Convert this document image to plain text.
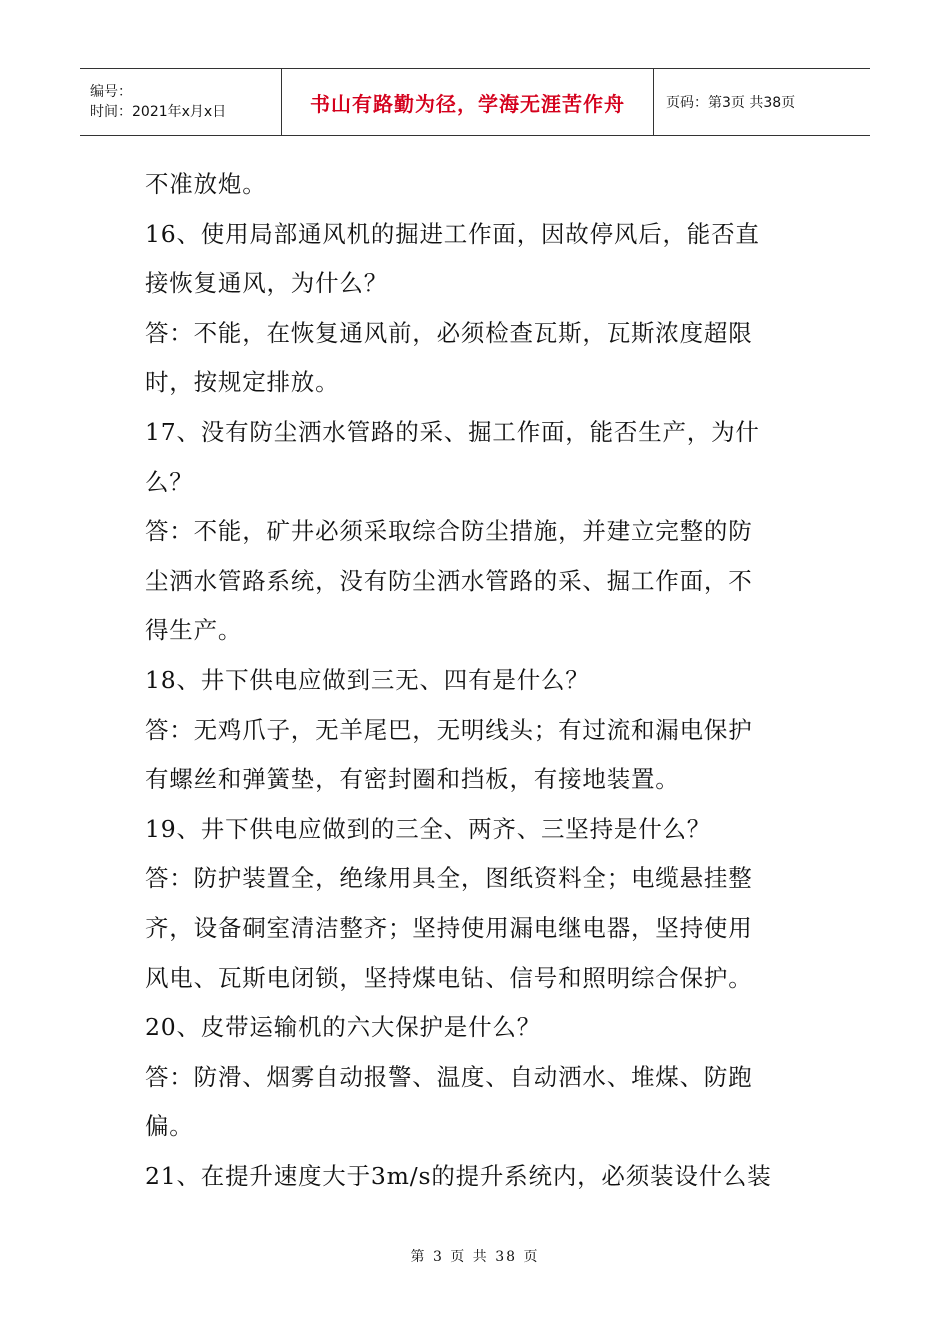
编号：
时间：2021年x月x日	书山有路勤为径，学海无涯苦作舟	页码：第3页 共38页

不准放炮。

16、使用局部通风机的掘进工作面，因故停风后，能否直

接恢复通风，为什么？

答：不能，在恢复通风前，必须检查瓦斯，瓦斯浓度超限

时，按规定排放。

17、没有防尘洒水管路的采、掘工作面，能否生产，为什

么？

答：不能，矿井必须采取综合防尘措施，并建立完整的防

尘洒水管路系统，没有防尘洒水管路的采、掘工作面，不

得生产。

18、井下供电应做到三无、四有是什么？

答：无鸡爪子，无羊尾巴，无明线头；有过流和漏电保护

有螺丝和弹簧垫，有密封圈和挡板，有接地装置。

19、井下供电应做到的三全、两齐、三坚持是什么？

答：防护装置全，绝缘用具全，图纸资料全；电缆悬挂整

齐，设备硐室清洁整齐；坚持使用漏电继电器，坚持使用

风电、瓦斯电闭锁，坚持煤电钻、信号和照明综合保护。

20、皮带运输机的六大保护是什么？

答：防滑、烟雾自动报警、温度、自动洒水、堆煤、防跑

偏。

21、在提升速度大于3m/s的提升系统内，必须装设什么装

第 3 页 共 38 页
